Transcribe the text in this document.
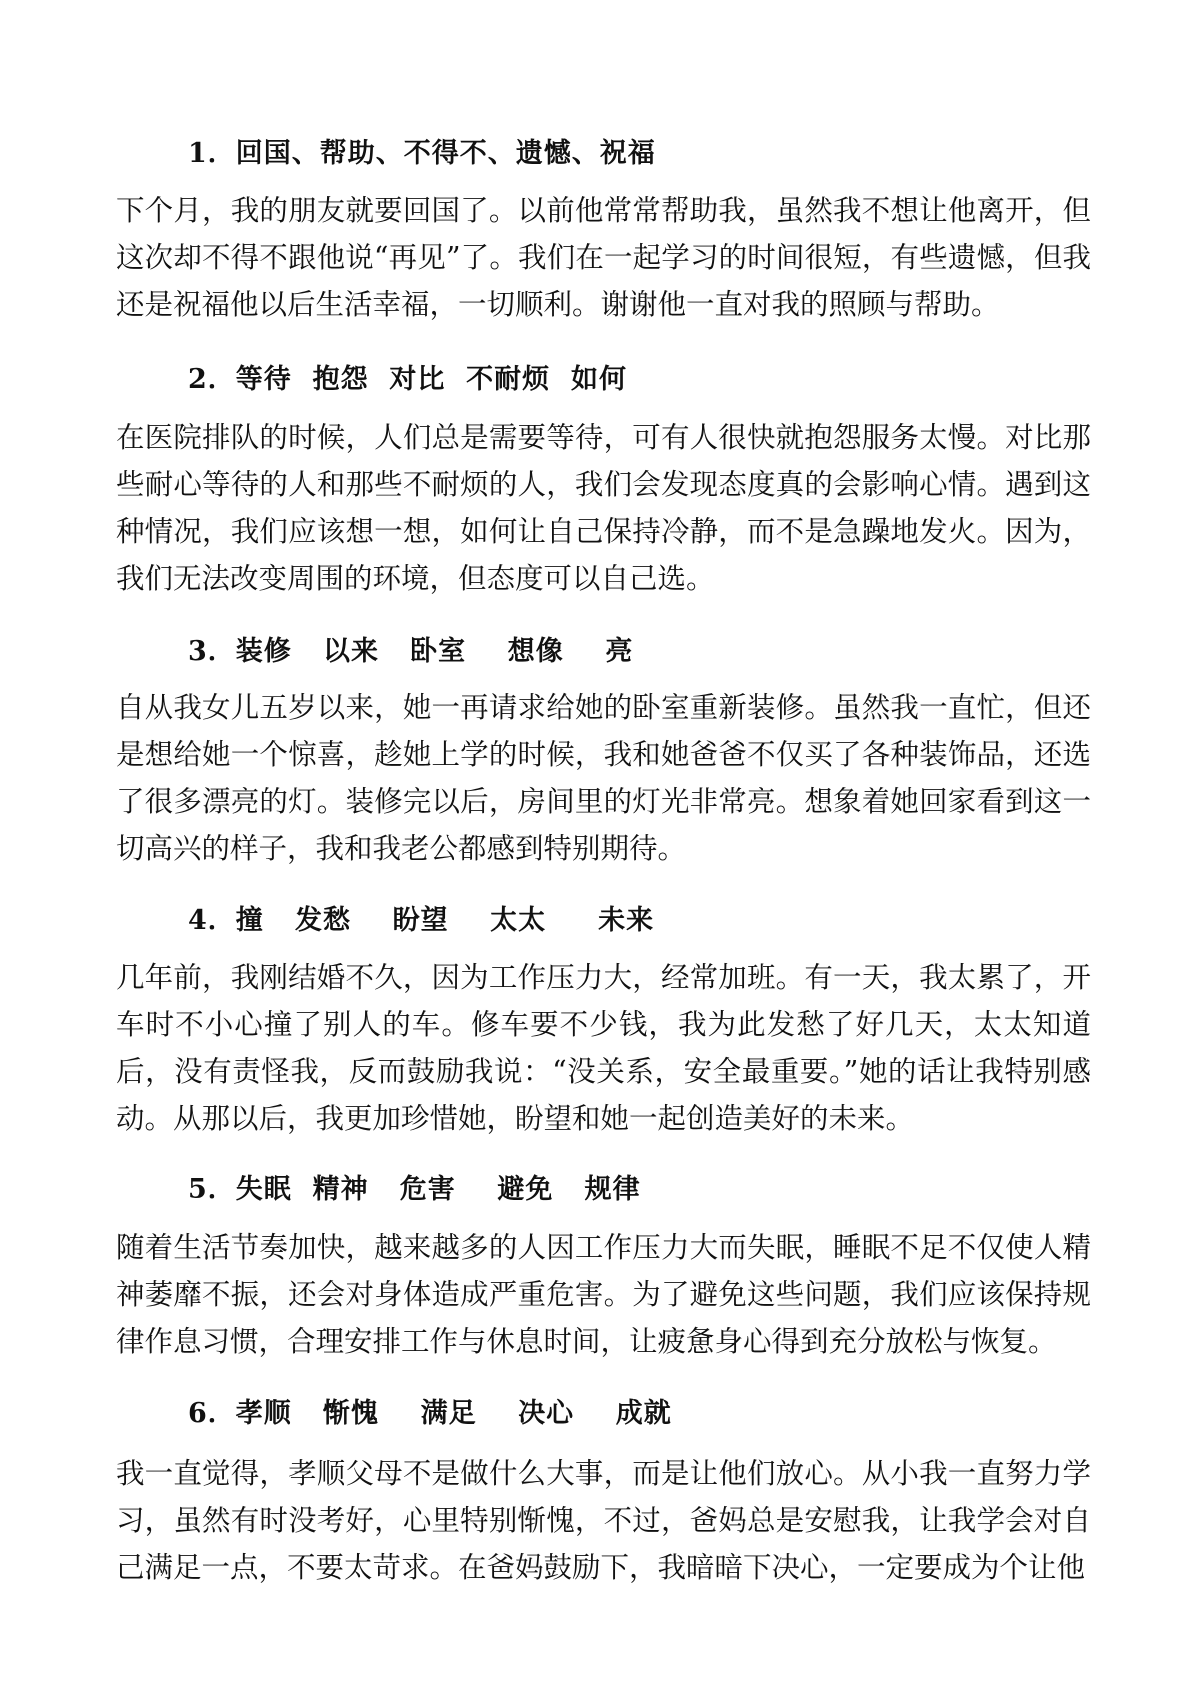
1．回国、帮助、不得不、遗憾、祝福

下个月，我的朋友就要回国了。以前他常常帮助我，虽然我不想让他离开，但这次却不得不跟他说“再见”了。我们在一起学习的时间很短，有些遗憾，但我还是祝福他以后生活幸福，一切顺利。谢谢他一直对我的照顾与帮助。

2．等待  抱怨  对比  不耐烦  如何

在医院排队的时候，人们总是需要等待，可有人很快就抱怨服务太慢。对比那些耐心等待的人和那些不耐烦的人，我们会发现态度真的会影响心情。遇到这种情况，我们应该想一想，如何让自己保持冷静，而不是急躁地发火。因为，我们无法改变周围的环境，但态度可以自己选。

3．装修   以来   卧室    想像    亮

自从我女儿五岁以来，她一再请求给她的卧室重新装修。虽然我一直忙，但还是想给她一个惊喜，趁她上学的时候，我和她爸爸不仅买了各种装饰品，还选了很多漂亮的灯。装修完以后，房间里的灯光非常亮。想象着她回家看到这一切高兴的样子，我和我老公都感到特别期待。

4．撞   发愁    盼望    太太     未来

几年前，我刚结婚不久，因为工作压力大，经常加班。有一天，我太累了，开车时不小心撞了别人的车。修车要不少钱，我为此发愁了好几天，太太知道后，没有责怪我，反而鼓励我说：“没关系，安全最重要。”她的话让我特别感动。从那以后，我更加珍惜她，盼望和她一起创造美好的未来。

5．失眠  精神   危害    避免   规律

随着生活节奏加快，越来越多的人因工作压力大而失眠，睡眠不足不仅使人精神萎靡不振，还会对身体造成严重危害。为了避免这些问题，我们应该保持规律作息习惯，合理安排工作与休息时间，让疲惫身心得到充分放松与恢复。

6．孝顺   惭愧    满足    决心    成就

我一直觉得，孝顺父母不是做什么大事，而是让他们放心。从小我一直努力学习，虽然有时没考好，心里特别惭愧，不过，爸妈总是安慰我，让我学会对自己满足一点，不要太苛求。在爸妈鼓励下，我暗暗下决心，一定要成为个让他
